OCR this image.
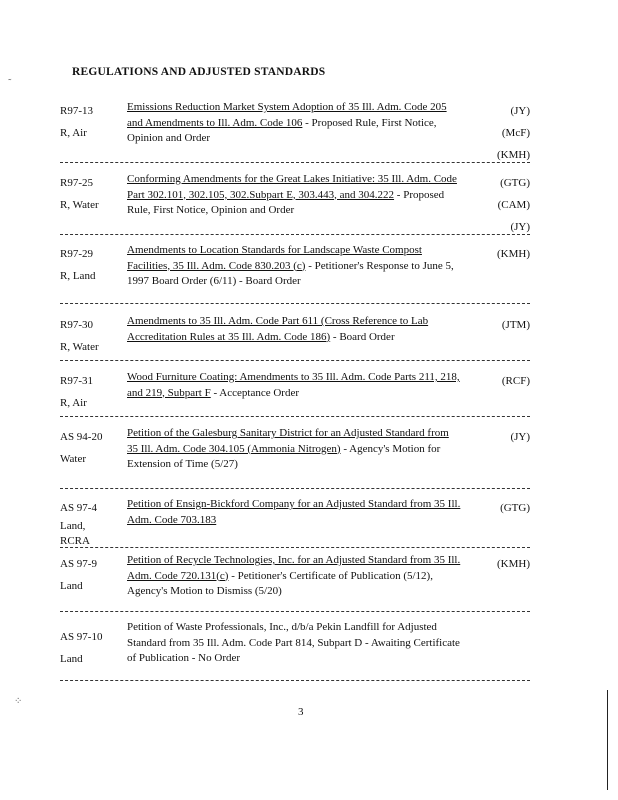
REGULATIONS AND ADJUSTED STANDARDS
R97-13
R, Air
Emissions Reduction Market System Adoption of 35 Ill. Adm. Code 205 and Amendments to Ill. Adm. Code 106 - Proposed Rule, First Notice, Opinion and Order
(JY)
(McF)
(KMH)
R97-25
R, Water
Conforming Amendments for the Great Lakes Initiative: 35 Ill. Adm. Code Part 302.101, 302.105, 302.Subpart E, 303.443, and 304.222 - Proposed Rule, First Notice, Opinion and Order
(GTG)
(CAM)
(JY)
R97-29
R, Land
Amendments to Location Standards for Landscape Waste Compost Facilities, 35 Ill. Adm. Code 830.203 (c) - Petitioner's Response to June 5, 1997 Board Order (6/11) - Board Order
(KMH)
R97-30
R, Water
Amendments to 35 Ill. Adm. Code Part 611 (Cross Reference to Lab Accreditation Rules at 35 Ill. Adm. Code 186) - Board Order
(JTM)
R97-31
R, Air
Wood Furniture Coating: Amendments to 35 Ill. Adm. Code Parts 211, 218, and 219, Subpart F - Acceptance Order
(RCF)
AS 94-20
Water
Petition of the Galesburg Sanitary District for an Adjusted Standard from 35 Ill. Adm. Code 304.105 (Ammonia Nitrogen) - Agency's Motion for Extension of Time (5/27)
(JY)
AS 97-4
Land,
RCRA
Petition of Ensign-Bickford Company for an Adjusted Standard from 35 Ill. Adm. Code 703.183
(GTG)
AS 97-9
Land
Petition of Recycle Technologies, Inc. for an Adjusted Standard from 35 Ill. Adm. Code 720.131(c) - Petitioner's Certificate of Publication (5/12), Agency's Motion to Dismiss (5/20)
(KMH)
AS 97-10
Land
Petition of Waste Professionals, Inc., d/b/a Pekin Landfill for Adjusted Standard from 35 Ill. Adm. Code Part 814, Subpart D - Awaiting Certificate of Publication - No Order
3
⁘
˷
